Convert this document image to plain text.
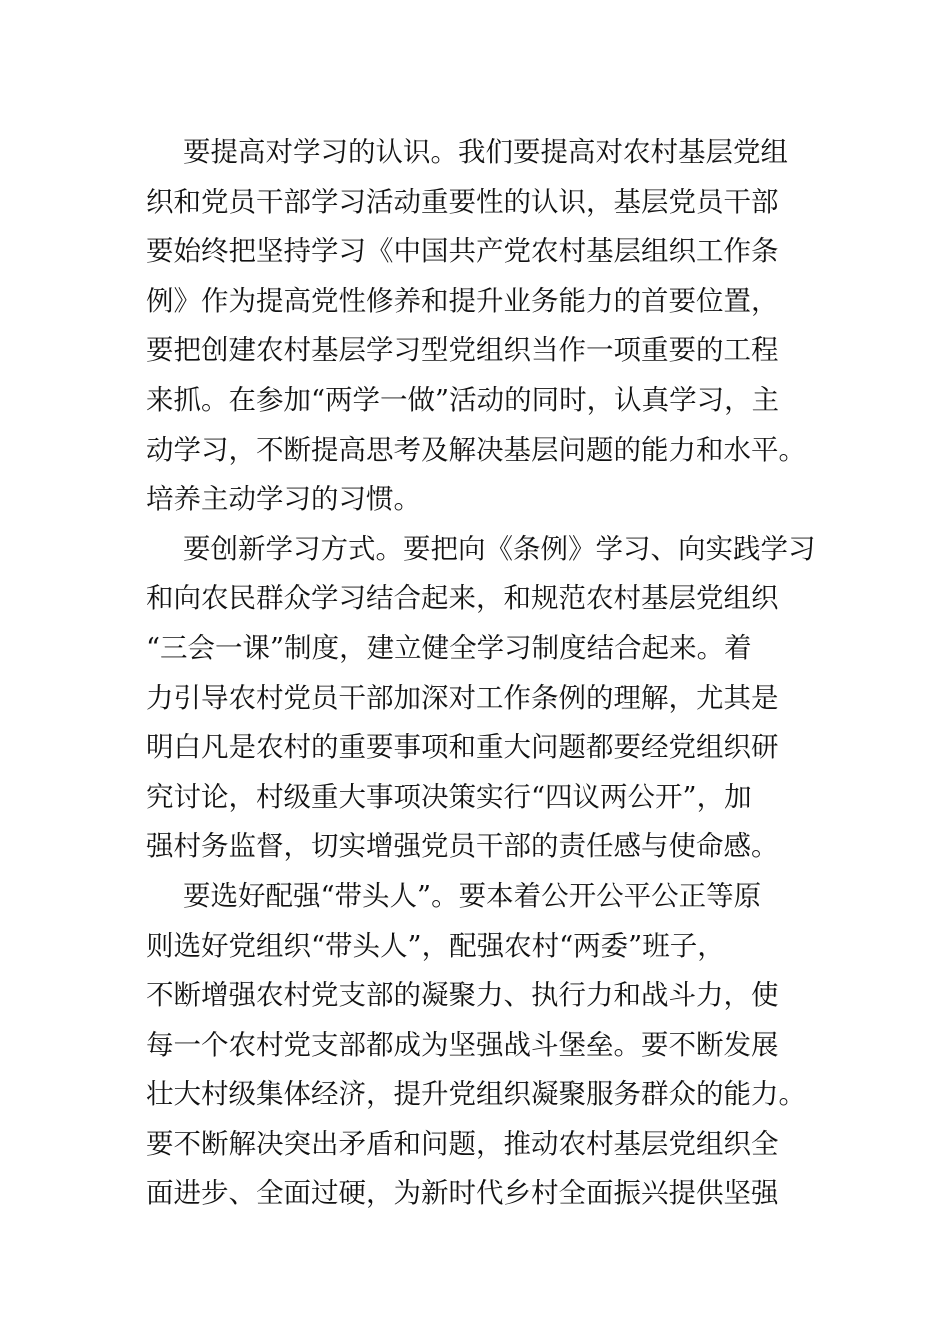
要提高对学习的认识。我们要提高对农村基层党组
织和党员干部学习活动重要性的认识，基层党员干部
要始终把坚持学习《中国共产党农村基层组织工作条
例》作为提高党性修养和提升业务能力的首要位置，
要把创建农村基层学习型党组织当作一项重要的工程
来抓。在参加“两学一做”活动的同时，认真学习，主
动学习，不断提高思考及解决基层问题的能力和水平。
培养主动学习的习惯。
要创新学习方式。要把向《条例》学习、向实践学习
和向农民群众学习结合起来，和规范农村基层党组织
“三会一课”制度，建立健全学习制度结合起来。着
力引导农村党员干部加深对工作条例的理解，尤其是
明白凡是农村的重要事项和重大问题都要经党组织研
究讨论，村级重大事项决策实行“四议两公开”，加
强村务监督，切实增强党员干部的责任感与使命感。
要选好配强“带头人”。要本着公开公平公正等原
则选好党组织“带头人”，配强农村“两委”班子，
不断增强农村党支部的凝聚力、执行力和战斗力，使
每一个农村党支部都成为坚强战斗堡垒。要不断发展
壮大村级集体经济，提升党组织凝聚服务群众的能力。
要不断解决突出矛盾和问题，推动农村基层党组织全
面进步、全面过硬，为新时代乡村全面振兴提供坚强
